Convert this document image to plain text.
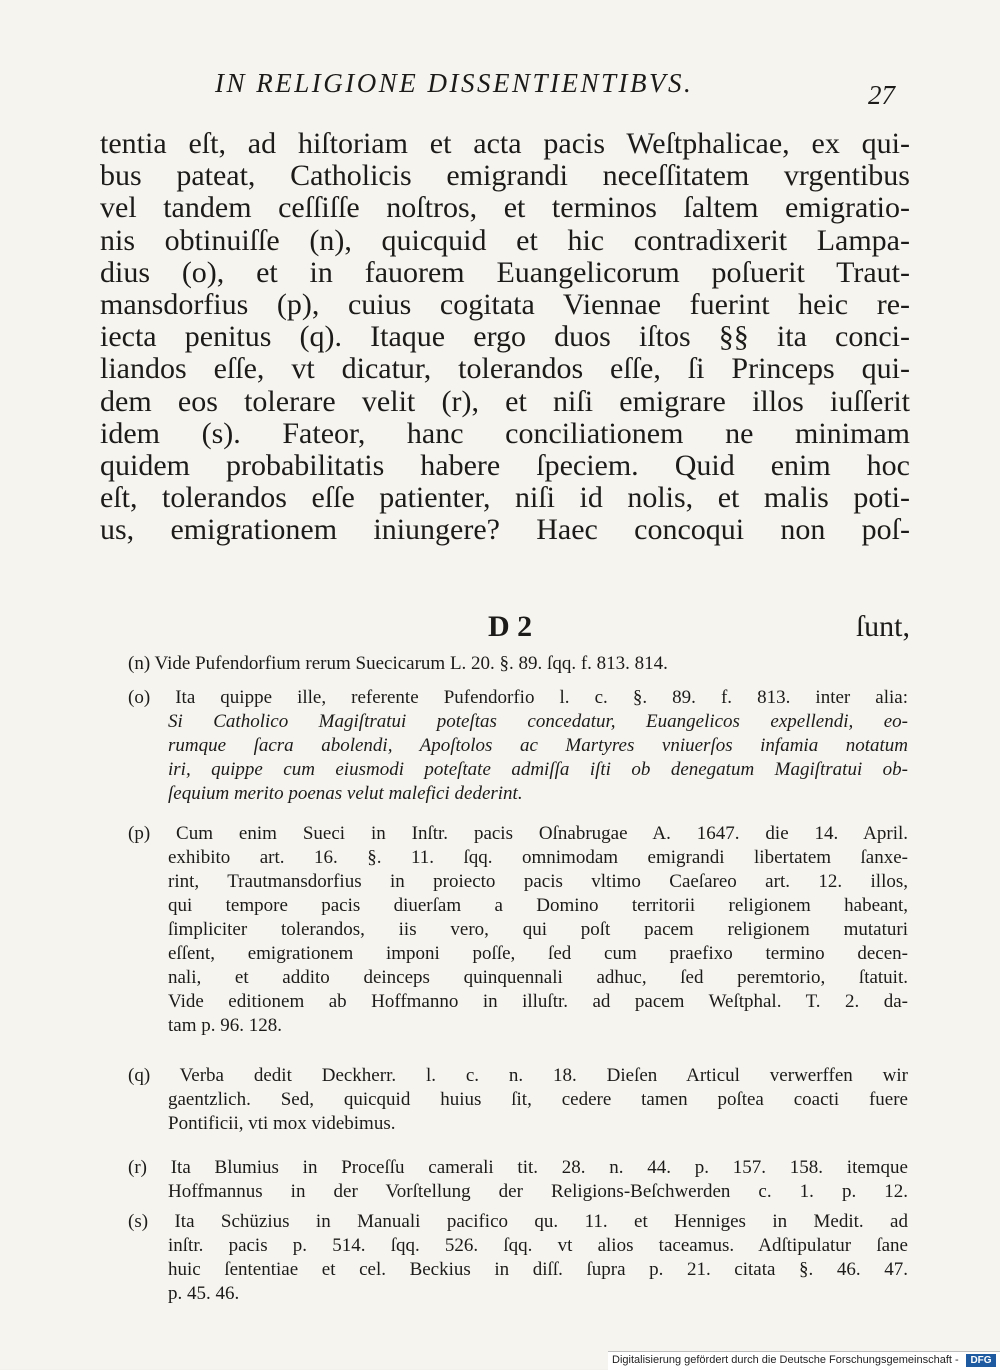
IN RELIGIONE DISSENTIENTIBVS.	27
tentia eſt, ad hiſtoriam et acta pacis Weſtphalicae, ex qui-
bus pateat, Catholicis emigrandi neceſſitatem vrgentibus
vel tandem ceſſiſſe noſtros, et terminos ſaltem emigratio-
nis obtinuiſſe (n), quicquid et hic contradixerit Lampa-
dius (o), et in fauorem Euangelicorum poſuerit Traut-
mansdorfius (p), cuius cogitata Viennae fuerint heic re-
iecta penitus (q). Itaque ergo duos iſtos §§ ita conci-
liandos eſſe, vt dicatur, tolerandos eſſe, ſi Princeps qui-
dem eos tolerare velit (r), et niſi emigrare illos iuſſerit
idem (s). Fateor, hanc conciliationem ne minimam
quidem probabilitatis habere ſpeciem. Quid enim hoc
eſt, tolerandos eſſe patienter, niſi id nolis, et malis poti-
us, emigrationem iniungere? Haec concoqui non poſ-
D 2	ſunt,
(n) Vide Pufendorfium rerum Suecicarum L. 20. §. 89. ſqq. f. 813. 814.
(o) Ita quippe ille, referente Pufendorfio l. c. §. 89. f. 813. inter alia:
Si Catholico Magiſtratui poteſtas concedatur, Euangelicos expellendi, eo-
rumque ſacra abolendi, Apoſtolos ac Martyres vniuerſos infamia notatum
iri, quippe cum eiusmodi poteſtate admiſſa iſti ob denegatum Magiſtratui ob-
ſequium merito poenas velut malefici dederint.
(p) Cum enim Sueci in Inſtr. pacis Oſnabrugae A. 1647. die 14. April.
exhibito art. 16. §. 11. ſqq. omnimodam emigrandi libertatem ſanxe-
rint, Trautmansdorfius in proiecto pacis vltimo Caeſareo art. 12. illos,
qui tempore pacis diuerſam a Domino territorii religionem habeant,
ſimpliciter tolerandos, iis vero, qui poſt pacem religionem mutaturi
eſſent, emigrationem imponi poſſe, ſed cum praefixo termino decen-
nali, et addito deinceps quinquennali adhuc, ſed peremtorio, ſtatuit.
Vide editionem ab Hoffmanno in illuſtr. ad pacem Weſtphal. T. 2. da-
tam p. 96. 128.
(q) Verba dedit Deckherr. l. c. n. 18. Dieſen Articul verwerffen wir
gaentzlich. Sed, quicquid huius ſit, cedere tamen poſtea coacti fuere
Pontificii, vti mox videbimus.
(r) Ita Blumius in Proceſſu camerali tit. 28. n. 44. p. 157. 158. itemque
Hoffmannus in der Vorſtellung der Religions-Beſchwerden c. 1. p. 12.
(s) Ita Schüzius in Manuali pacifico qu. 11. et Henniges in Medit. ad
inſtr. pacis p. 514. ſqq. 526. ſqq. vt alios taceamus. Adſtipulatur ſane
huic ſententiae et cel. Beckius in diſſ. ſupra p. 21. citata §. 46. 47.
p. 45. 46.
Digitalisierung gefördert durch die Deutsche Forschungsgemeinschaft -	DFG
